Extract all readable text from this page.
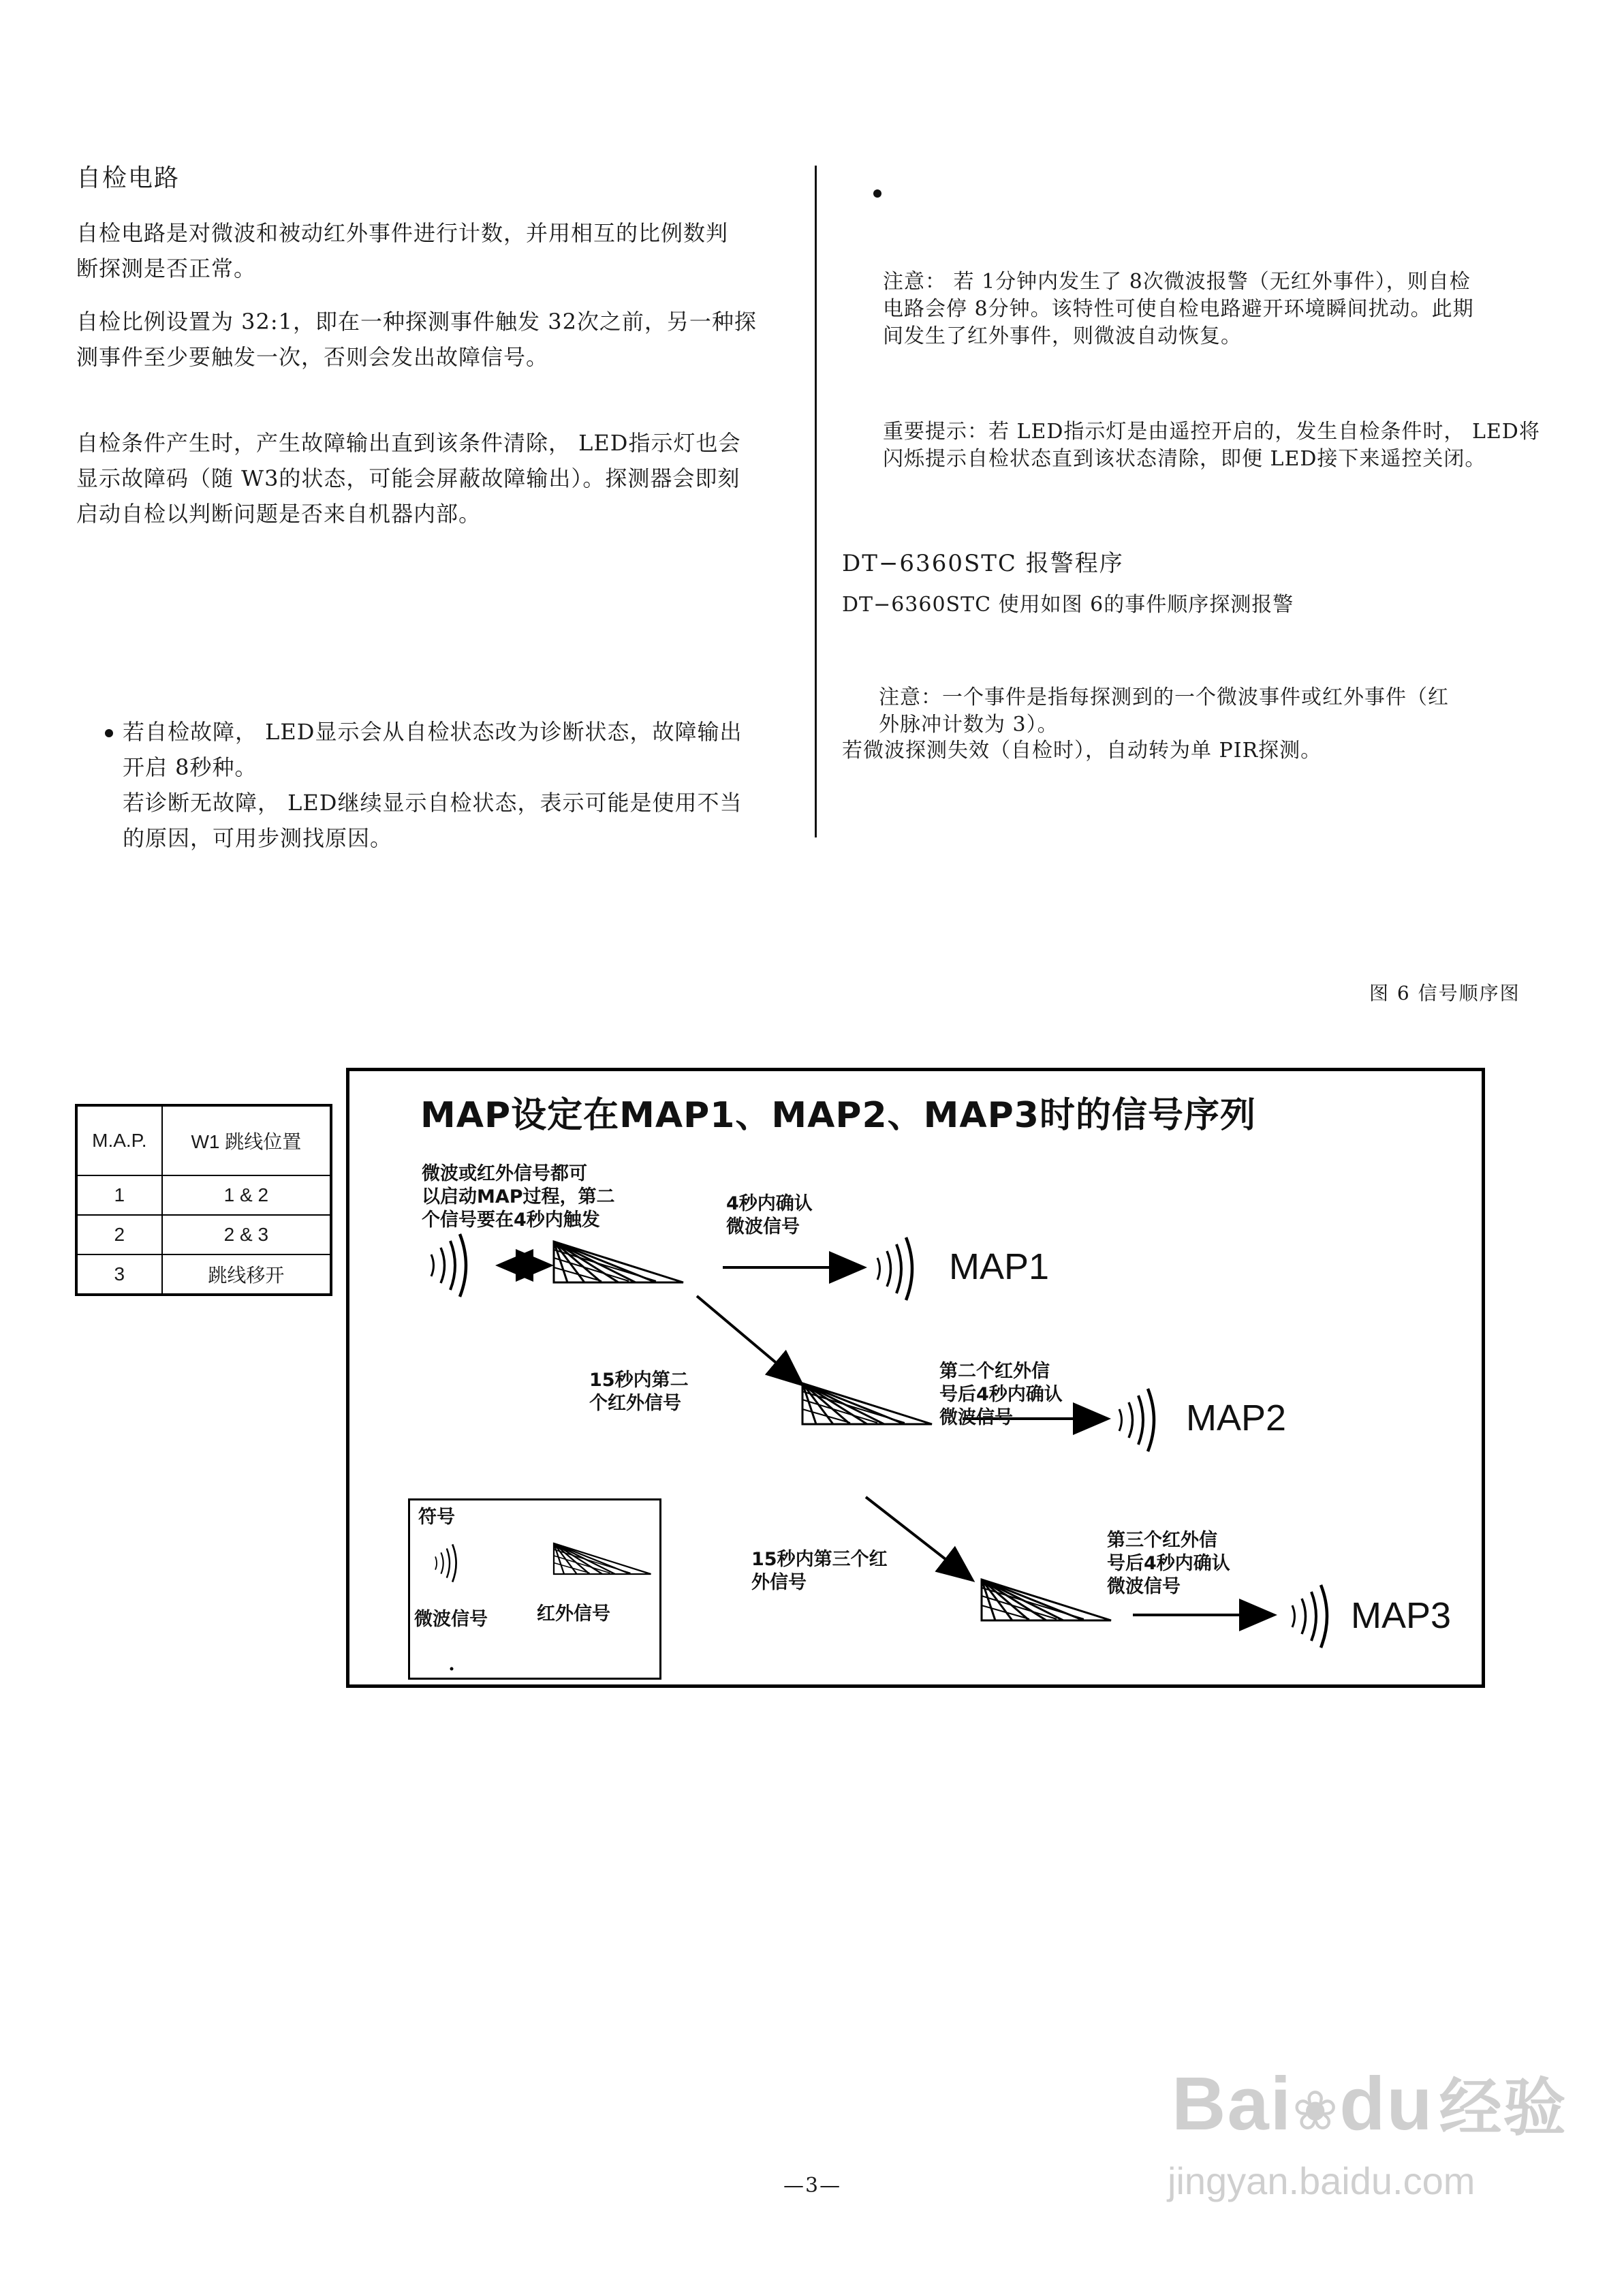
自检电路

自检电路是对微波和被动红外事件进行计数，并用相互的比例数判

断探测是否正常。

自检比例设置为 32:1，即在一种探测事件触发 32次之前，另一种探

测事件至少要触发一次，否则会发出故障信号。

自检条件产生时，产生故障输出直到该条件清除， LED指示灯也会

显示故障码（随 W3的状态，可能会屏蔽故障输出）。探测器会即刻

启动自检以判断问题是否来自机器内部。

若自检故障， LED显示会从自检状态改为诊断状态，故障输出

开启 8秒种。

若诊断无故障， LED继续显示自检状态，表示可能是使用不当

的原因，可用步测找原因。

注意： 若 1分钟内发生了 8次微波报警（无红外事件），则自检

电路会停 8分钟。该特性可使自检电路避开环境瞬间扰动。此期

间发生了红外事件，则微波自动恢复。

重要提示：若 LED指示灯是由遥控开启的，发生自检条件时， LED将

闪烁提示自检状态直到该状态清除，即便 LED接下来遥控关闭。

DT−6360STC 报警程序

DT−6360STC 使用如图 6的事件顺序探测报警

注意：一个事件是指每探测到的一个微波事件或红外事件（红

外脉冲计数为 3）。

若微波探测失效（自检时），自动转为单 PIR探测。

图 6 信号顺序图
M.A.P.	W1 跳线位置
1	1 & 2
2	2 & 3
3	跳线移开
MAP设定在MAP1、MAP2、MAP3时的信号序列
微波或红外信号都可
以启动MAP过程，第二
个信号要在4秒内触发
4秒内确认
微波信号
MAP1
15秒内第二
个红外信号
第二个红外信
号后4秒内确认
微波信号	MAP2
15秒内第三个红
外信号
第三个红外信
号后4秒内确认
微波信号
MAP3
符号
微波信号	红外信号
—3—
Bai❀du经验
jingyan.baidu.com
